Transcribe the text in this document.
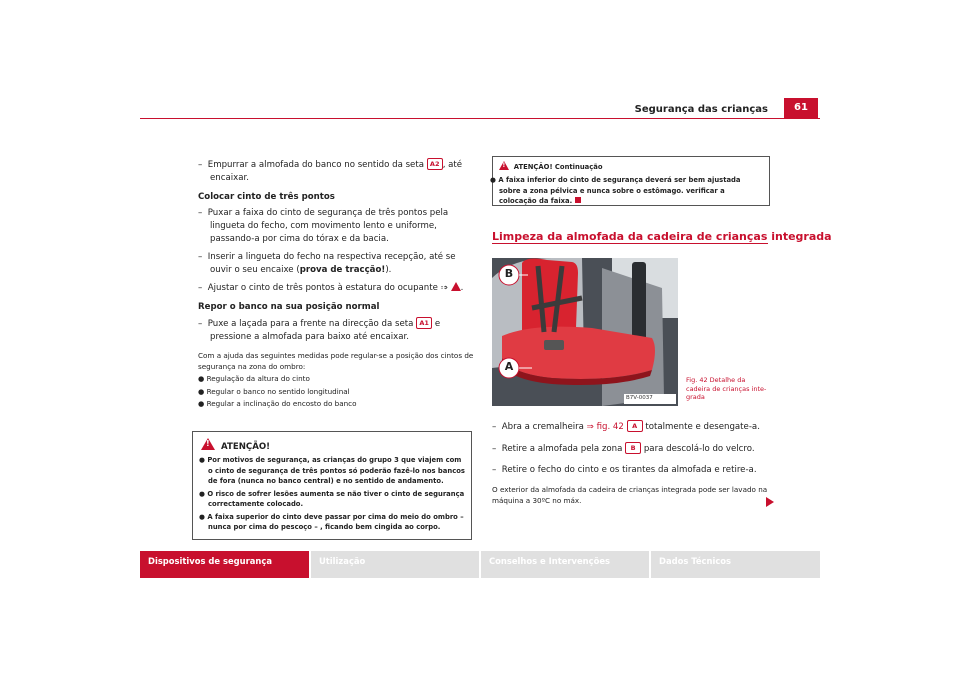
Segurança das crianças	61
–  Empurrar a almofada do banco no sentido da seta A2 , até encaixar.
Colocar cinto de três pontos
–  Puxar a faixa do cinto de segurança de três pontos pela lingueta do fecho, com movimento lento e uniforme, passando-a por cima do tórax e da bacia.
–  Inserir a lingueta do fecho na respectiva recepção, até se ouvir o seu encaixe (prova de tracção!).
–  Ajustar o cinto de três pontos à estatura do ocupante ⇒ ! .
Repor o banco na sua posição normal
–  Puxe a laçada para a frente na direcção da seta A1 e pressione a almofada para baixo até encaixar.
Com a ajuda das seguintes medidas pode regular-se a posição dos cintos de segurança na zona do ombro:
● Regulação da altura do cinto
● Regular o banco no sentido longitudinal
● Regular a inclinação do encosto do banco
!  ATENÇÃO!
● Por motivos de segurança, as crianças do grupo 3 que viajem com o cinto de segurança de três pontos só poderão fazê-lo nos bancos de fora (nunca no banco central) e no sentido de andamento.
● O risco de sofrer lesões aumenta se não tiver o cinto de segurança correctamente colocado.
● A faixa superior do cinto deve passar por cima do meio do ombro – nunca por cima do pescoço – , ficando bem cingida ao corpo.
!  ATENÇÃO! Continuação
● A faixa inferior do cinto de segurança deverá ser bem ajustada sobre a zona pélvica e nunca sobre o estômago. verificar a colocação da faixa.
Limpeza da almofada da cadeira de crianças integrada
B
A
B7V-0037
Fig. 42 Detalhe da cadeira de crianças inte-grada
–  Abra a cremalheira ⇒ fig. 42 A totalmente e desengate-a.
–  Retire a almofada pela zona B para descolá-lo do velcro.
–  Retire o fecho do cinto e os tirantes da almofada e retire-a.
O exterior da almofada da cadeira de crianças integrada pode ser lavado na máquina a 30ºC no máx.
Dispositivos de segurança	Utilização	Conselhos e Intervenções	Dados Técnicos
